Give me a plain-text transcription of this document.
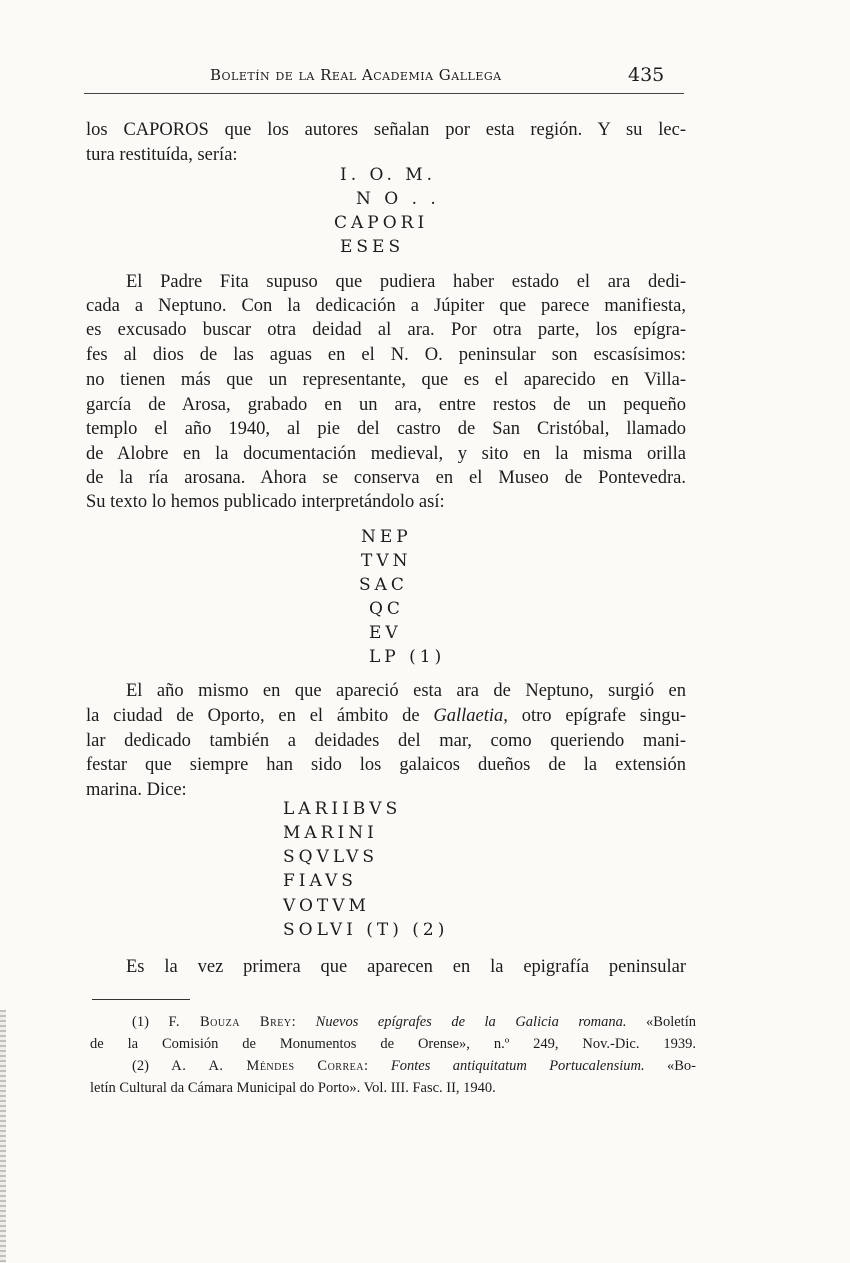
Boletín de la Real Academia Gallega	435
los CAPOROS que los autores señalan por esta región. Y su lec-
tura restituída, sería:
I. O. M.
N O . .
CAPORI
ESES
El Padre Fita supuso que pudiera haber estado el ara dedi-
cada a Neptuno. Con la dedicación a Júpiter que parece manifiesta,
es excusado buscar otra deidad al ara. Por otra parte, los epígra-
fes al dios de las aguas en el N. O. peninsular son escasísimos:
no tienen más que un representante, que es el aparecido en Villa-
garcía de Arosa, grabado en un ara, entre restos de un pequeño
templo el año 1940, al pie del castro de San Cristóbal, llamado
de Alobre en la documentación medieval, y sito en la misma orilla
de la ría arosana. Ahora se conserva en el Museo de Pontevedra.
Su texto lo hemos publicado interpretándolo así:
NEP
TVN
SAC
QC
EV
LP (1)
El año mismo en que apareció esta ara de Neptuno, surgió en
la ciudad de Oporto, en el ámbito de Gallaetia, otro epígrafe singu-
lar dedicado también a deidades del mar, como queriendo mani-
festar que siempre han sido los galaicos dueños de la extensión
marina. Dice:
LARIIBVS
MARINI
SQVLVS
FIAVS
VOTVM
SOLVI (T) (2)
Es la vez primera que aparecen en la epigrafía peninsular
(1) F. Bouza Brey: Nuevos epígrafes de la Galicia romana. «Boletín
de la Comisión de Monumentos de Orense», n.º 249, Nov.-Dic. 1939.
(2) A. A. Méndes Correa: Fontes antiquitatum Portucalensium. «Bo-
letín Cultural da Cámara Municipal do Porto». Vol. III. Fasc. II, 1940.
